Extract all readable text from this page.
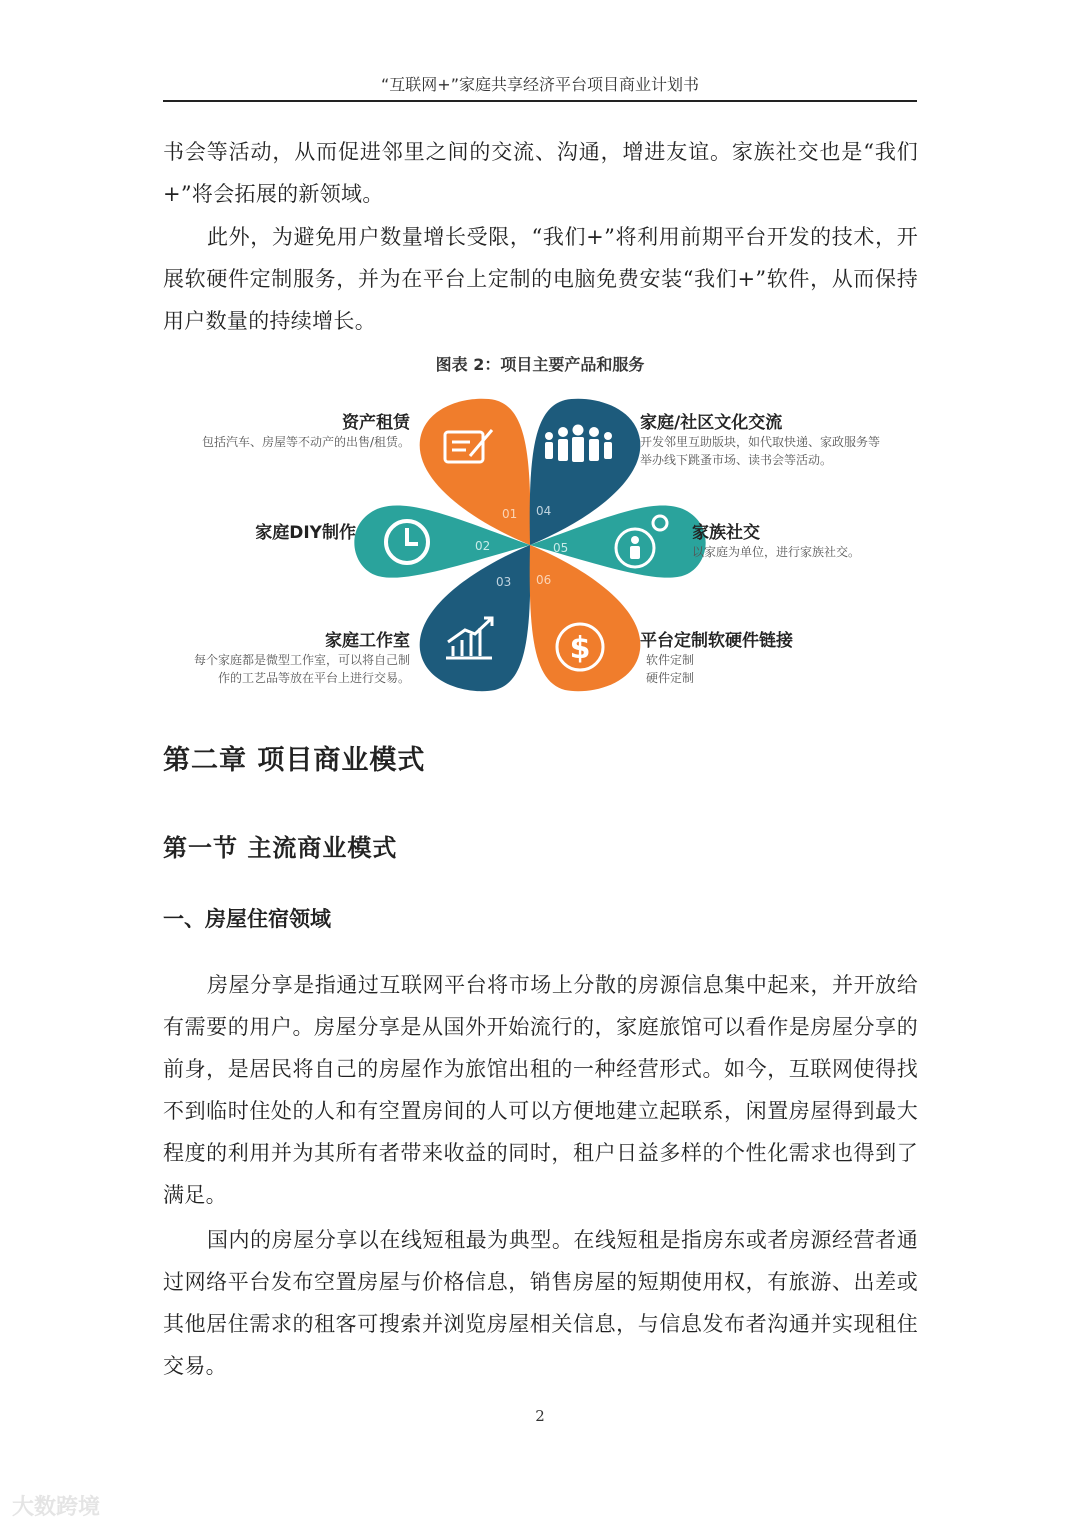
“互联网+”家庭共享经济平台项目商业计划书

书会等活动，从而促进邻里之间的交流、沟通，增进友谊。家族社交也是“我们+”将会拓展的新领域。

此外，为避免用户数量增长受限，“我们+”将利用前期平台开发的技术，开展软硬件定制服务，并为在平台上定制的电脑免费安装“我们+”软件，从而保持用户数量的持续增长。

图表 2：项目主要产品和服务
$
01 04
02	05
03 06
资产租赁
包括汽车、房屋等不动产的出售/租赁。
家庭DIY制作
家庭工作室
每个家庭都是微型工作室，可以将自己制
作的工艺品等放在平台上进行交易。
家庭/社区文化交流
开发邻里互助版块，如代取快递、家政服务等
举办线下跳蚤市场、读书会等活动。
家族社交
以家庭为单位，进行家族社交。
平台定制软硬件链接
软件定制
硬件定制
第二章 项目商业模式
第一节 主流商业模式
一、房屋住宿领域

房屋分享是指通过互联网平台将市场上分散的房源信息集中起来，并开放给有需要的用户。房屋分享是从国外开始流行的，家庭旅馆可以看作是房屋分享的前身，是居民将自己的房屋作为旅馆出租的一种经营形式。如今，互联网使得找不到临时住处的人和有空置房间的人可以方便地建立起联系，闲置房屋得到最大程度的利用并为其所有者带来收益的同时，租户日益多样的个性化需求也得到了满足。

国内的房屋分享以在线短租最为典型。在线短租是指房东或者房源经营者通过网络平台发布空置房屋与价格信息，销售房屋的短期使用权，有旅游、出差或其他居住需求的租客可搜索并浏览房屋相关信息，与信息发布者沟通并实现租住交易。

2
大数跨境
